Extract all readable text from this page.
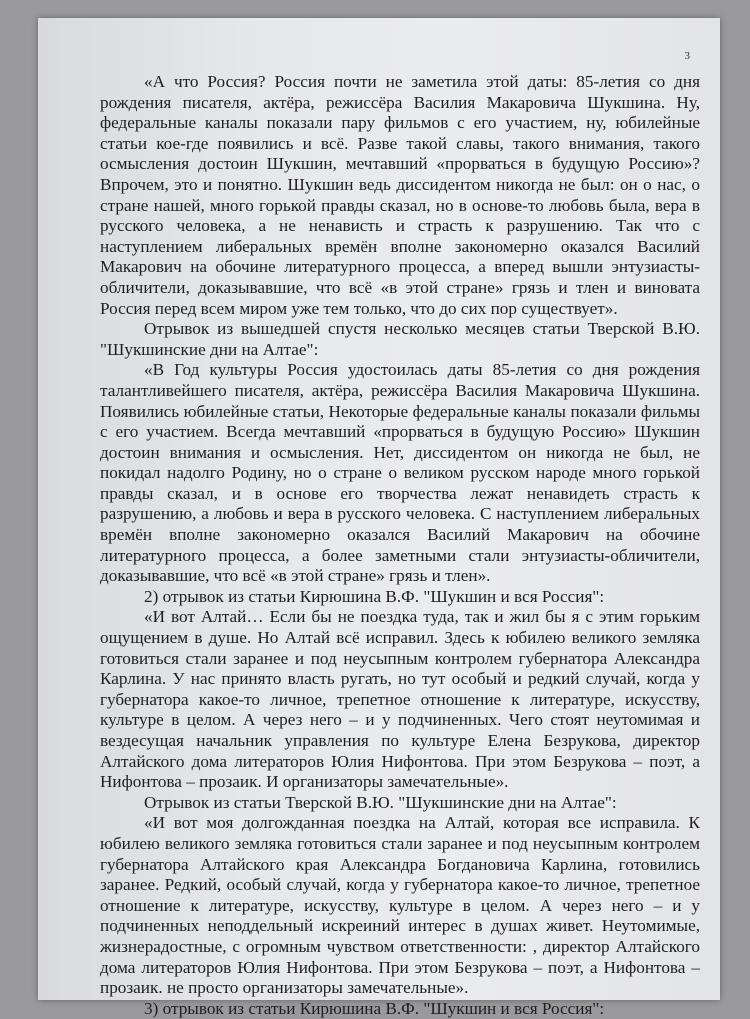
3

«А что Россия? Россия почти не заметила этой даты: 85-летия со дня рождения писателя, актёра, режиссёра Василия Макаровича Шукшина. Ну, федеральные каналы показали пару фильмов с его участием, ну, юбилейные статьи кое-где появились и всё. Разве такой славы, такого внимания, такого осмысления достоин Шукшин, мечтавший «прорваться в будущую Россию»? Впрочем, это и понятно. Шукшин ведь диссидентом никогда не был: он о нас, о стране нашей, много горькой правды сказал, но в основе-то любовь была, вера в русского человека, а не ненависть и страсть к разрушению. Так что с наступлением либеральных времён вполне закономерно оказался Василий Макарович на обочине литературного процесса, а вперед вышли энтузиасты-обличители, доказывавшие, что всё «в этой стране» грязь и тлен и виновата Россия перед всем миром уже тем только, что до сих пор существует».

Отрывок из вышедшей спустя несколько месяцев статьи Тверской В.Ю. "Шукшинские дни на Алтае":

«В Год культуры Россия удостоилась даты 85-летия со дня рождения талантливейшего писателя, актёра, режиссёра Василия Макаровича Шукшина. Появились юбилейные статьи, Некоторые федеральные каналы показали фильмы с его участием. Всегда мечтавший «прорваться в будущую Россию» Шукшин достоин внимания и осмысления. Нет, диссидентом он никогда не был, не покидал надолго Родину, но о стране о великом русском народе много горькой правды сказал, и в основе его творчества лежат ненавидеть страсть к разрушению, а любовь и вера в русского человека. С наступлением либеральных времён вполне закономерно оказался Василий Макарович на обочине литературного процесса, а более заметными стали энтузиасты-обличители, доказывавшие, что всё «в этой стране» грязь и тлен».

2) отрывок из статьи Кирюшина В.Ф. "Шукшин и вся Россия":

«И вот Алтай… Если бы не поездка туда, так и жил бы я с этим горьким ощущением в душе. Но Алтай всё исправил. Здесь к юбилею великого земляка готовиться стали заранее и под неусыпным контролем губернатора Александра Карлина. У нас принято власть ругать, но тут особый и редкий случай, когда у губернатора какое-то личное, трепетное отношение к литературе, искусству, культуре в целом. А через него – и у подчиненных. Чего стоят неутомимая и вездесущая начальник управления по культуре Елена Безрукова, директор Алтайского дома литераторов Юлия Нифонтова. При этом Безрукова – поэт, а Нифонтова – прозаик. И организаторы замечательные».

Отрывок из статьи Тверской В.Ю. "Шукшинские дни на Алтае":

«И вот моя долгожданная поездка на Алтай, которая все исправила. К юбилею великого земляка готовиться стали заранее и под неусыпным контролем губернатора Алтайского края Александра Богдановича Карлина, готовились заранее. Редкий, особый случай, когда у губернатора какое-то личное, трепетное отношение к литературе, искусству, культуре в целом. А через него – и у подчиненных неподдельный искреиний интерес в душах живет. Неутомимые, жизнерадостные, с огромным чувством ответственности: , директор Алтайского дома литераторов Юлия Нифонтова. При этом Безрукова – поэт, а Нифонтова – прозаик. не просто организаторы замечательные».

3) отрывок из статьи Кирюшина В.Ф. "Шукшин и вся Россия":
